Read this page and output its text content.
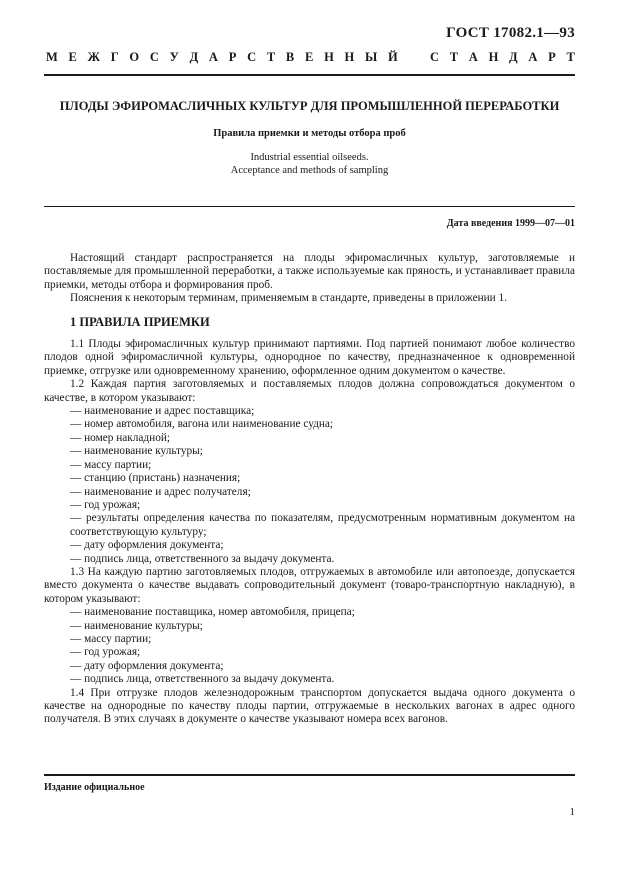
ГОСТ 17082.1—93
М Е Ж Г О С У Д А Р С Т В Е Н Н Ы Й	С Т А Н Д А Р Т
ПЛОДЫ ЭФИРОМАСЛИЧНЫХ КУЛЬТУР ДЛЯ ПРОМЫШЛЕННОЙ ПЕРЕРАБОТКИ
Правила приемки и методы отбора проб
Industrial essential oilseeds.
Acceptance and methods of sampling
Дата введения 1999—07—01

Настоящий стандарт распространяется на плоды эфиромасличных культур, заготовляемые и поставляемые для промышленной переработки, а также используемые как пряность, и устанавливает правила приемки, методы отбора и формирования проб.

Пояснения к некоторым терминам, применяемым в стандарте, приведены в приложении 1.

1 ПРАВИЛА ПРИЕМКИ

1.1 Плоды эфиромасличных культур принимают партиями. Под партией понимают любое количество плодов одной эфиромасличной культуры, однородное по качеству, предназначенное к одновременной приемке, отгрузке или одновременному хранению, оформленное одним документом о качестве.

1.2 Каждая партия заготовляемых и поставляемых плодов должна сопровождаться документом о качестве, в котором указывают:

— наименование и адрес поставщика;

— номер автомобиля, вагона или наименование судна;

— номер накладной;

— наименование культуры;

— массу партии;

— станцию (пристань) назначения;

— наименование и адрес получателя;

— год урожая;

— результаты определения качества по показателям, предусмотренным нормативным документом на соответствующую культуру;

— дату оформления документа;

— подпись лица, ответственного за выдачу документа.

1.3 На каждую партию заготовляемых плодов, отгружаемых в автомобиле или автопоезде, допускается вместо документа о качестве выдавать сопроводительный документ (товаро-транспортную накладную), в котором указывают:

— наименование поставщика, номер автомобиля, прицепа;

— наименование культуры;

— массу партии;

— год урожая;

— дату оформления документа;

— подпись лица, ответственного за выдачу документа.

1.4 При отгрузке плодов железнодорожным транспортом допускается выдача одного документа о качестве на однородные по качеству плоды партии, отгружаемые в нескольких вагонах в адрес одного получателя. В этих случаях в документе о качестве указывают номера всех вагонов.

Издание официальное
1
